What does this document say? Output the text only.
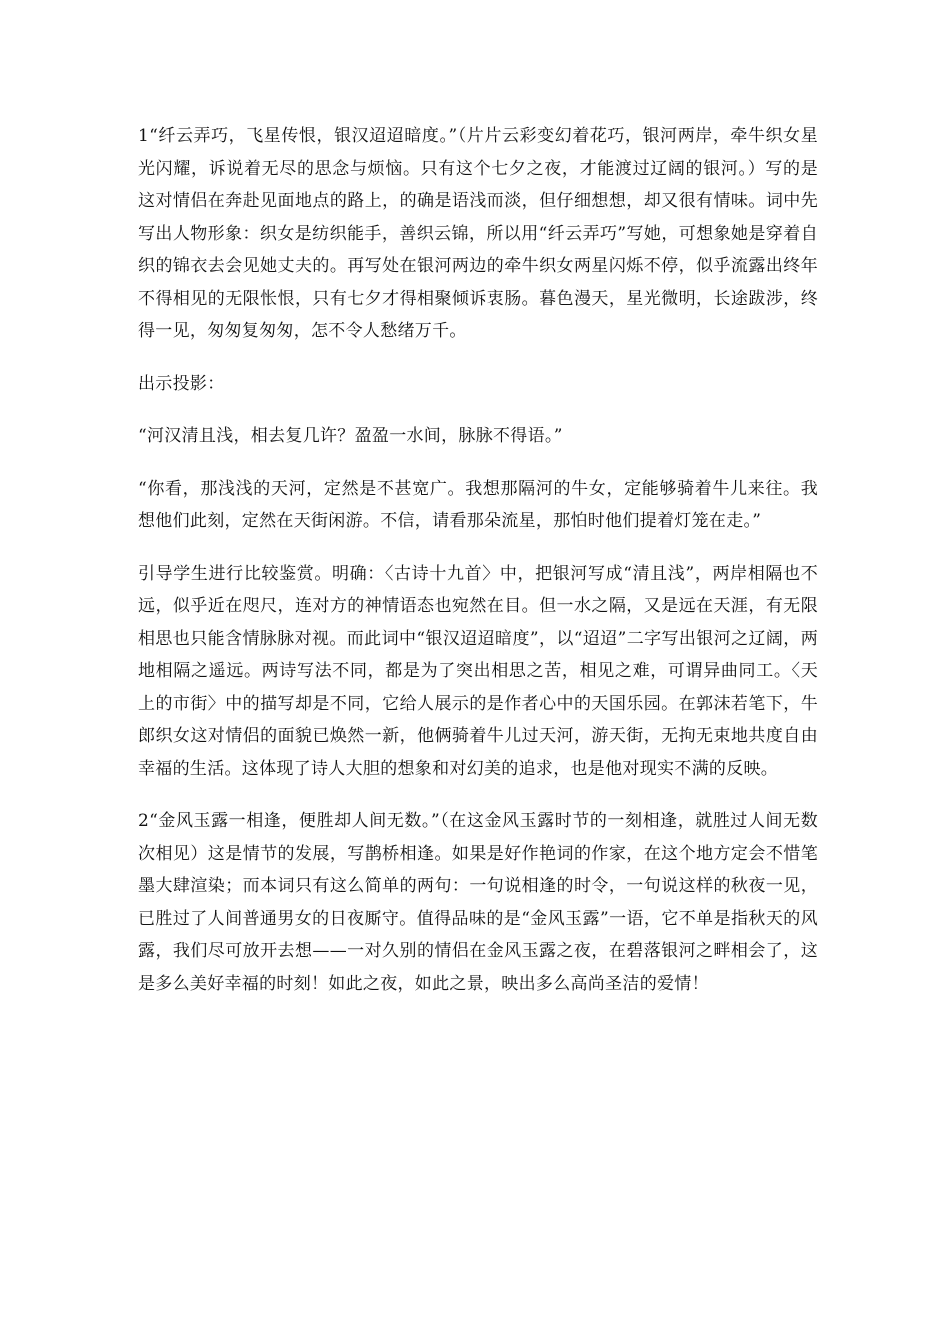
1“纤云弄巧，飞星传恨，银汉迢迢暗度。”（片片云彩变幻着花巧，银河两岸，牵牛织女星光闪耀，诉说着无尽的思念与烦恼。只有这个七夕之夜，才能渡过辽阔的银河。）写的是这对情侣在奔赴见面地点的路上，的确是语浅而淡，但仔细想想，却又很有情味。词中先写出人物形象：织女是纺织能手，善织云锦，所以用“纤云弄巧”写她，可想象她是穿着自织的锦衣去会见她丈夫的。再写处在银河两边的牵牛织女两星闪烁不停，似乎流露出终年不得相见的无限怅恨，只有七夕才得相聚倾诉衷肠。暮色漫天，星光微明，长途跋涉，终得一见，匆匆复匆匆，怎不令人愁绪万千。

出示投影：

“河汉清且浅，相去复几许？盈盈一水间，脉脉不得语。”

“你看，那浅浅的天河，定然是不甚宽广。我想那隔河的牛女，定能够骑着牛儿来往。我想他们此刻，定然在天街闲游。不信，请看那朵流星，那怕时他们提着灯笼在走。”

引导学生进行比较鉴赏。明确：〈古诗十九首〉中，把银河写成“清且浅”，两岸相隔也不远，似乎近在咫尺，连对方的神情语态也宛然在目。但一水之隔，又是远在天涯，有无限相思也只能含情脉脉对视。而此词中“银汉迢迢暗度”，以“迢迢”二字写出银河之辽阔，两地相隔之遥远。两诗写法不同，都是为了突出相思之苦，相见之难，可谓异曲同工。〈天上的市街〉中的描写却是不同，它给人展示的是作者心中的天国乐园。在郭沫若笔下，牛郎织女这对情侣的面貌已焕然一新，他俩骑着牛儿过天河，游天街，无拘无束地共度自由幸福的生活。这体现了诗人大胆的想象和对幻美的追求，也是他对现实不满的反映。

2“金风玉露一相逢，便胜却人间无数。”（在这金风玉露时节的一刻相逢，就胜过人间无数次相见）这是情节的发展，写鹊桥相逢。如果是好作艳词的作家，在这个地方定会不惜笔墨大肆渲染；而本词只有这么简单的两句：一句说相逢的时令，一句说这样的秋夜一见，已胜过了人间普通男女的日夜厮守。值得品味的是“金风玉露”一语，它不单是指秋天的风露，我们尽可放开去想——一对久别的情侣在金风玉露之夜，在碧落银河之畔相会了，这是多么美好幸福的时刻！如此之夜，如此之景，映出多么高尚圣洁的爱情！
